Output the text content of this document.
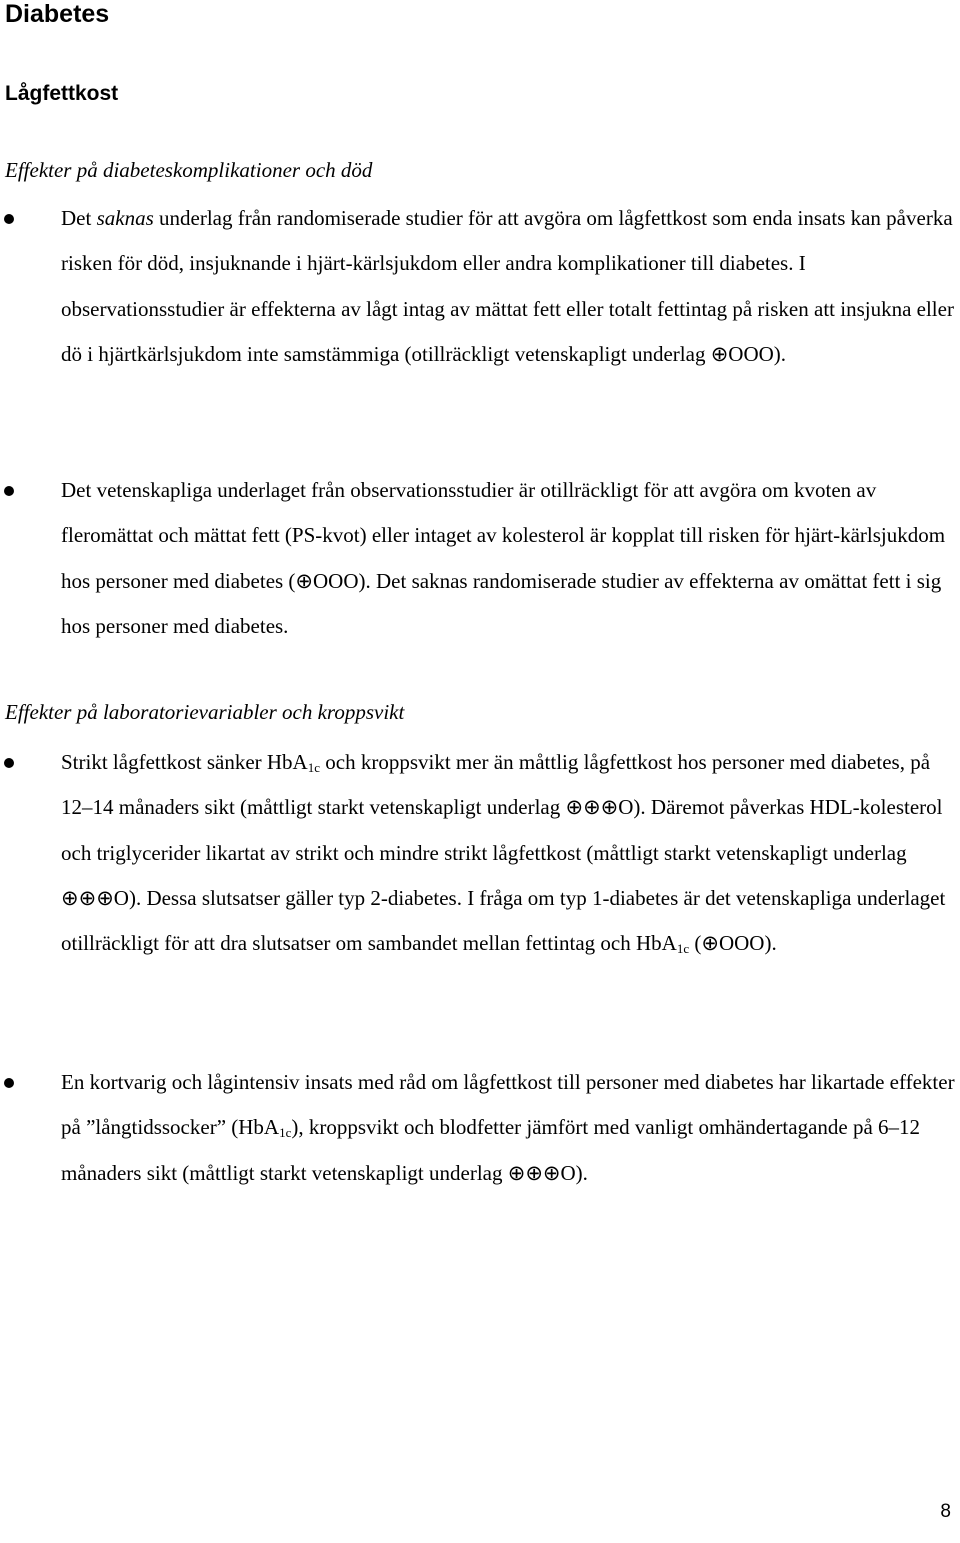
Diabetes
Lågfettkost

Effekter på diabeteskomplikationer och död

Det saknas underlag från randomiserade studier för att avgöra om lågfettkost som enda insats kan påverka risken för död, insjuknande i hjärt-kärlsjukdom eller andra komplikationer till diabetes. I observationsstudier är effekterna av lågt intag av mättat fett eller totalt fettintag på risken att insjukna eller dö i hjärtkärlsjukdom inte samstämmiga (otillräckligt vetenskapligt underlag ⊕OOO).
Det vetenskapliga underlaget från observationsstudier är otillräckligt för att avgöra om kvoten av fleromättat och mättat fett (PS-kvot) eller intaget av kolesterol är kopplat till risken för hjärt-kärlsjukdom hos personer med diabetes (⊕OOO). Det saknas randomiserade studier av effekterna av omättat fett i sig hos personer med diabetes.

Effekter på laboratorievariabler och kroppsvikt

Strikt lågfettkost sänker HbA$_{1c}$ och kroppsvikt mer än måttlig lågfettkost hos personer med diabetes, på 12–14 månaders sikt (måttligt starkt vetenskapligt underlag ⊕⊕⊕O). Däremot påverkas HDL-kolesterol och triglycerider likartat av strikt och mindre strikt lågfettkost (måttligt starkt vetenskapligt underlag ⊕⊕⊕O). Dessa slutsatser gäller typ 2-diabetes. I fråga om typ 1-diabetes är det vetenskapliga underlaget otillräckligt för att dra slutsatser om sambandet mellan fettintag och HbA$_{1c}$ (⊕OOO).
En kortvarig och lågintensiv insats med råd om lågfettkost till personer med diabetes har likartade effekter på ”långtidssocker” (HbA$_{1c}$), kroppsvikt och blodfetter jämfört med vanligt omhändertagande på 6–12 månaders sikt (måttligt starkt vetenskapligt underlag ⊕⊕⊕O).

8
